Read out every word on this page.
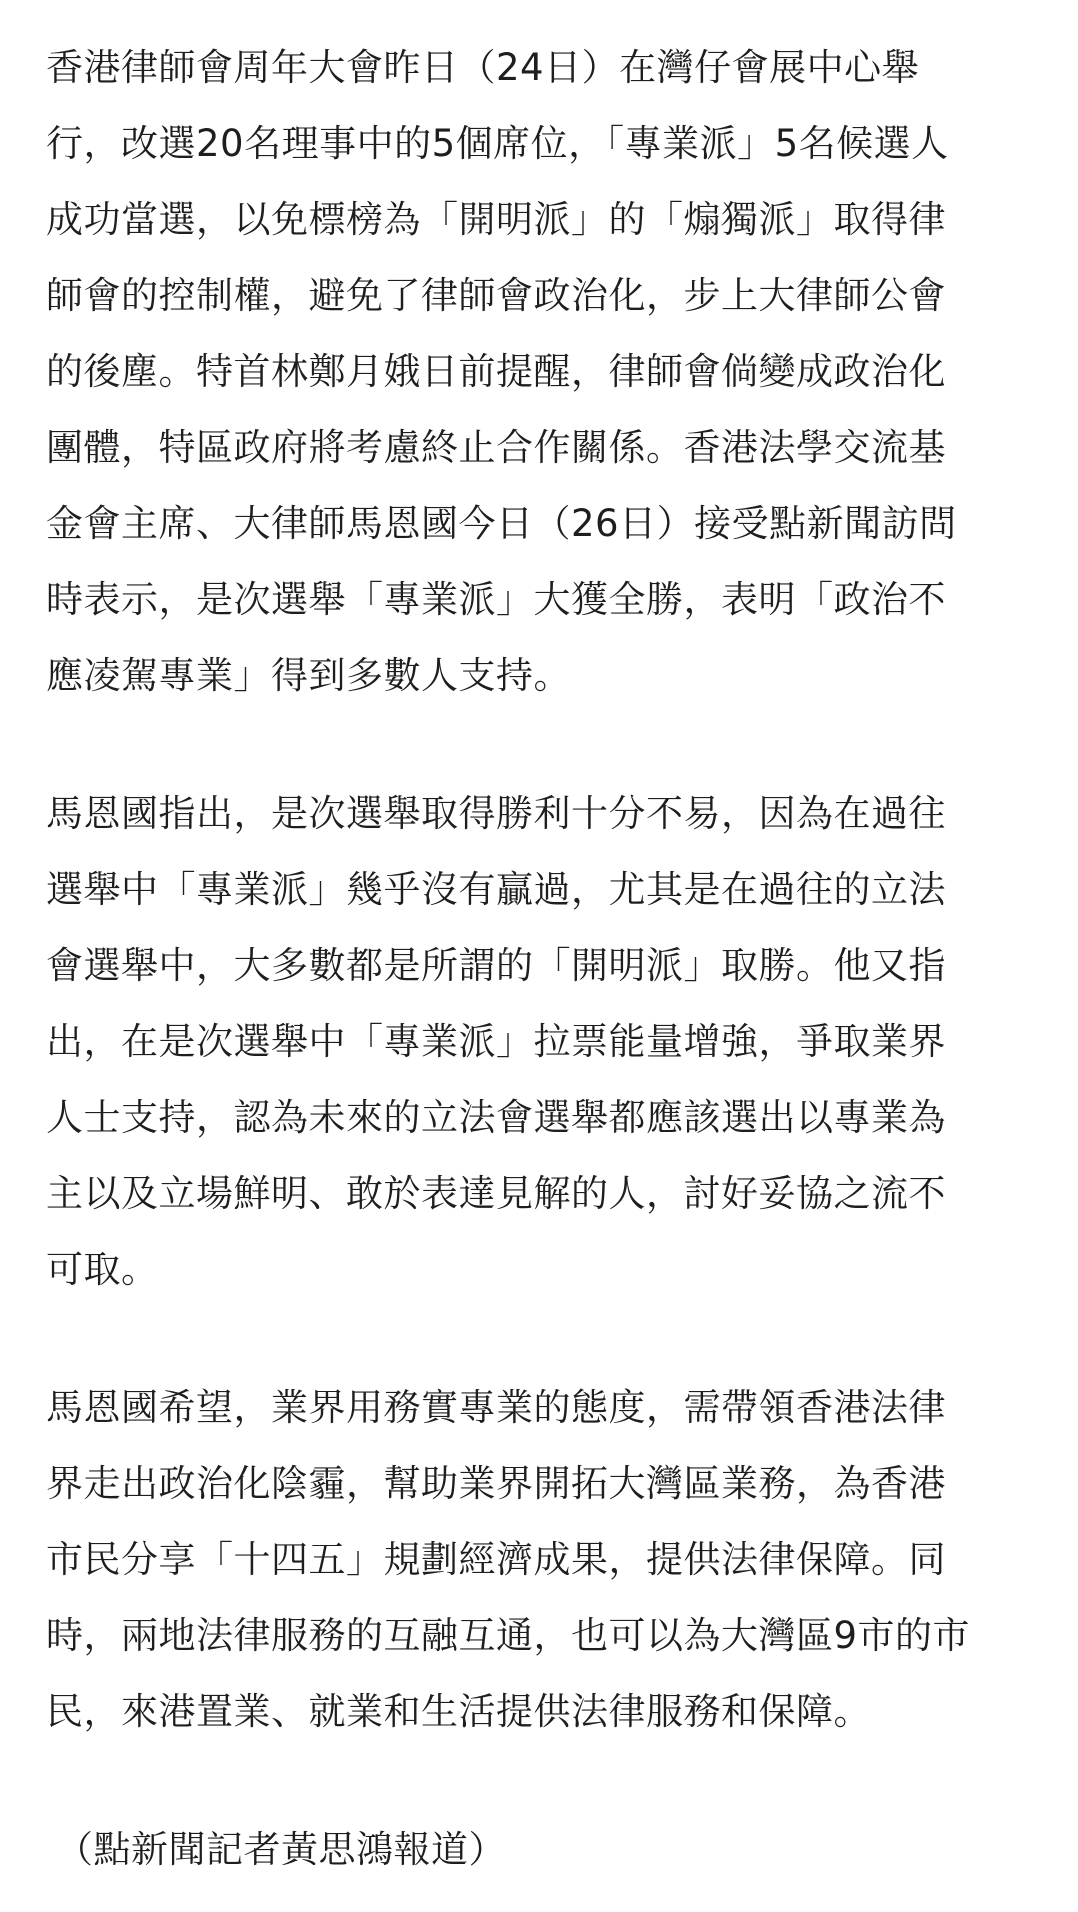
香港律師會周年大會昨日（24日）在灣仔會展中心舉
行，改選20名理事中的5個席位，「專業派」5名候選人
成功當選，以免標榜為「開明派」的「煽獨派」取得律
師會的控制權，避免了律師會政治化，步上大律師公會
的後塵。特首林鄭月娥日前提醒，律師會倘變成政治化
團體，特區政府將考慮終止合作關係。香港法學交流基
金會主席、大律師馬恩國今日（26日）接受點新聞訪問
時表示，是次選舉「專業派」大獲全勝，表明「政治不
應凌駕專業」得到多數人支持。

馬恩國指出，是次選舉取得勝利十分不易，因為在過往
選舉中「專業派」幾乎沒有贏過，尤其是在過往的立法
會選舉中，大多數都是所謂的「開明派」取勝。他又指
出，在是次選舉中「專業派」拉票能量增強，爭取業界
人士支持，認為未來的立法會選舉都應該選出以專業為
主以及立場鮮明、敢於表達見解的人，討好妥協之流不
可取。

馬恩國希望，業界用務實專業的態度，需帶領香港法律
界走出政治化陰霾，幫助業界開拓大灣區業務，為香港
市民分享「十四五」規劃經濟成果，提供法律保障。同
時，兩地法律服務的互融互通，也可以為大灣區9市的市
民，來港置業、就業和生活提供法律服務和保障。

（點新聞記者黃思鴻報道）
